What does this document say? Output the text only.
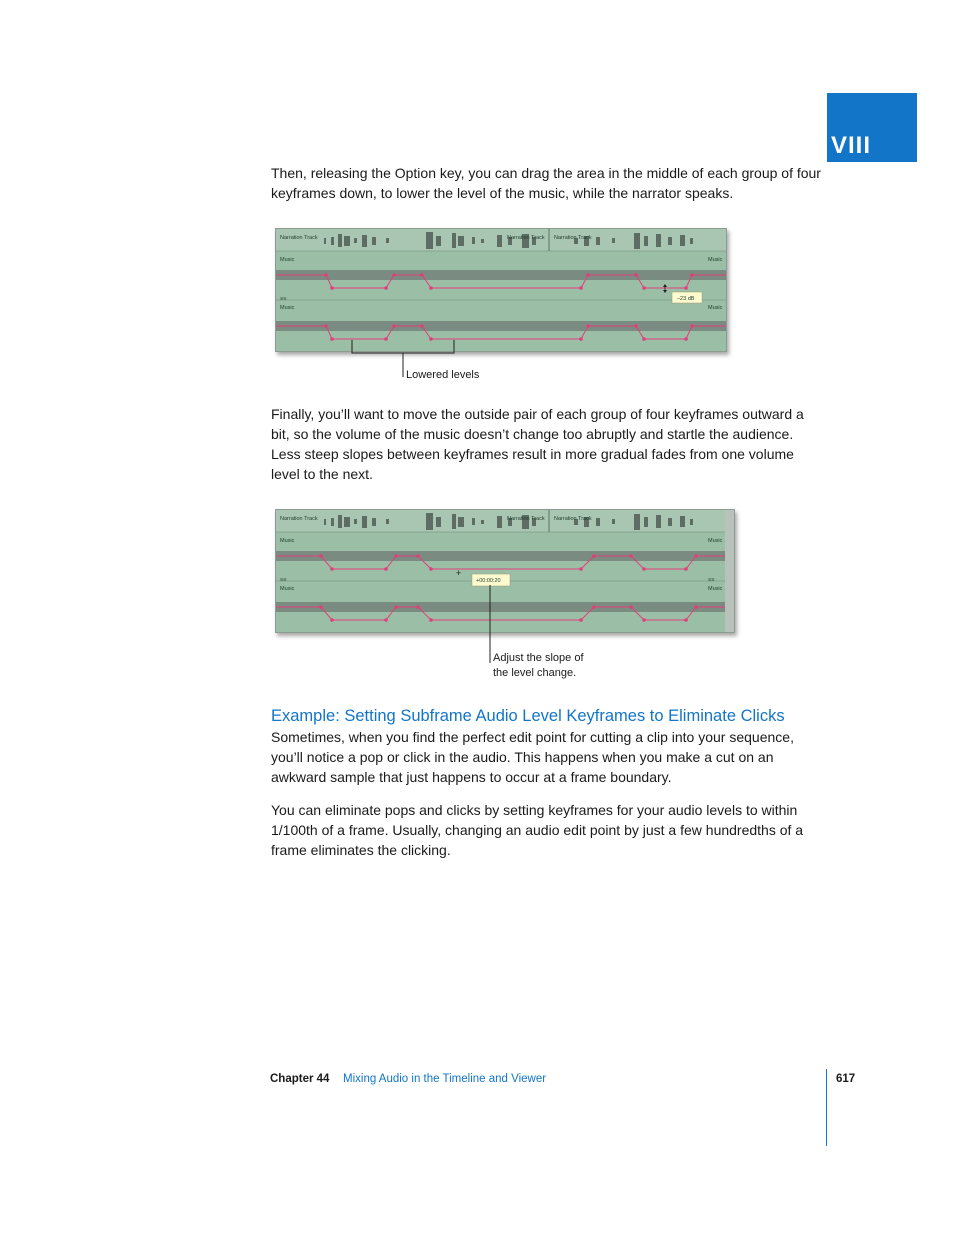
VIII

Then, releasing the Option key, you can drag the area in the middle of each group of four keyframes down, to lower the level of the music, while the narrator speaks.

Narration Track	Narration Track Narration Track
Music	Music
–23 dB
≡≡
Music	Music
Lowered levels

Finally, you’ll want to move the outside pair of each group of four keyframes outward a bit, so the volume of the music doesn’t change too abruptly and startle the audience. Less steep slopes between keyframes result in more gradual fades from one volume level to the next.

Narration Track	Narration Track Narration Track
Music	Music
+
+00:00:20
≡≡	≡≡
Music	Music
Adjust the slope of
the level change.
Example: Setting Subframe Audio Level Keyframes to Eliminate Clicks

Sometimes, when you find the perfect edit point for cutting a clip into your sequence, you’ll notice a pop or click in the audio. This happens when you make a cut on an awkward sample that just happens to occur at a frame boundary.

You can eliminate pops and clicks by setting keyframes for your audio levels to within 1/100th of a frame. Usually, changing an audio edit point by just a few hundredths of a frame eliminates the clicking.

Chapter 44 Mixing Audio in the Timeline and Viewer	617
